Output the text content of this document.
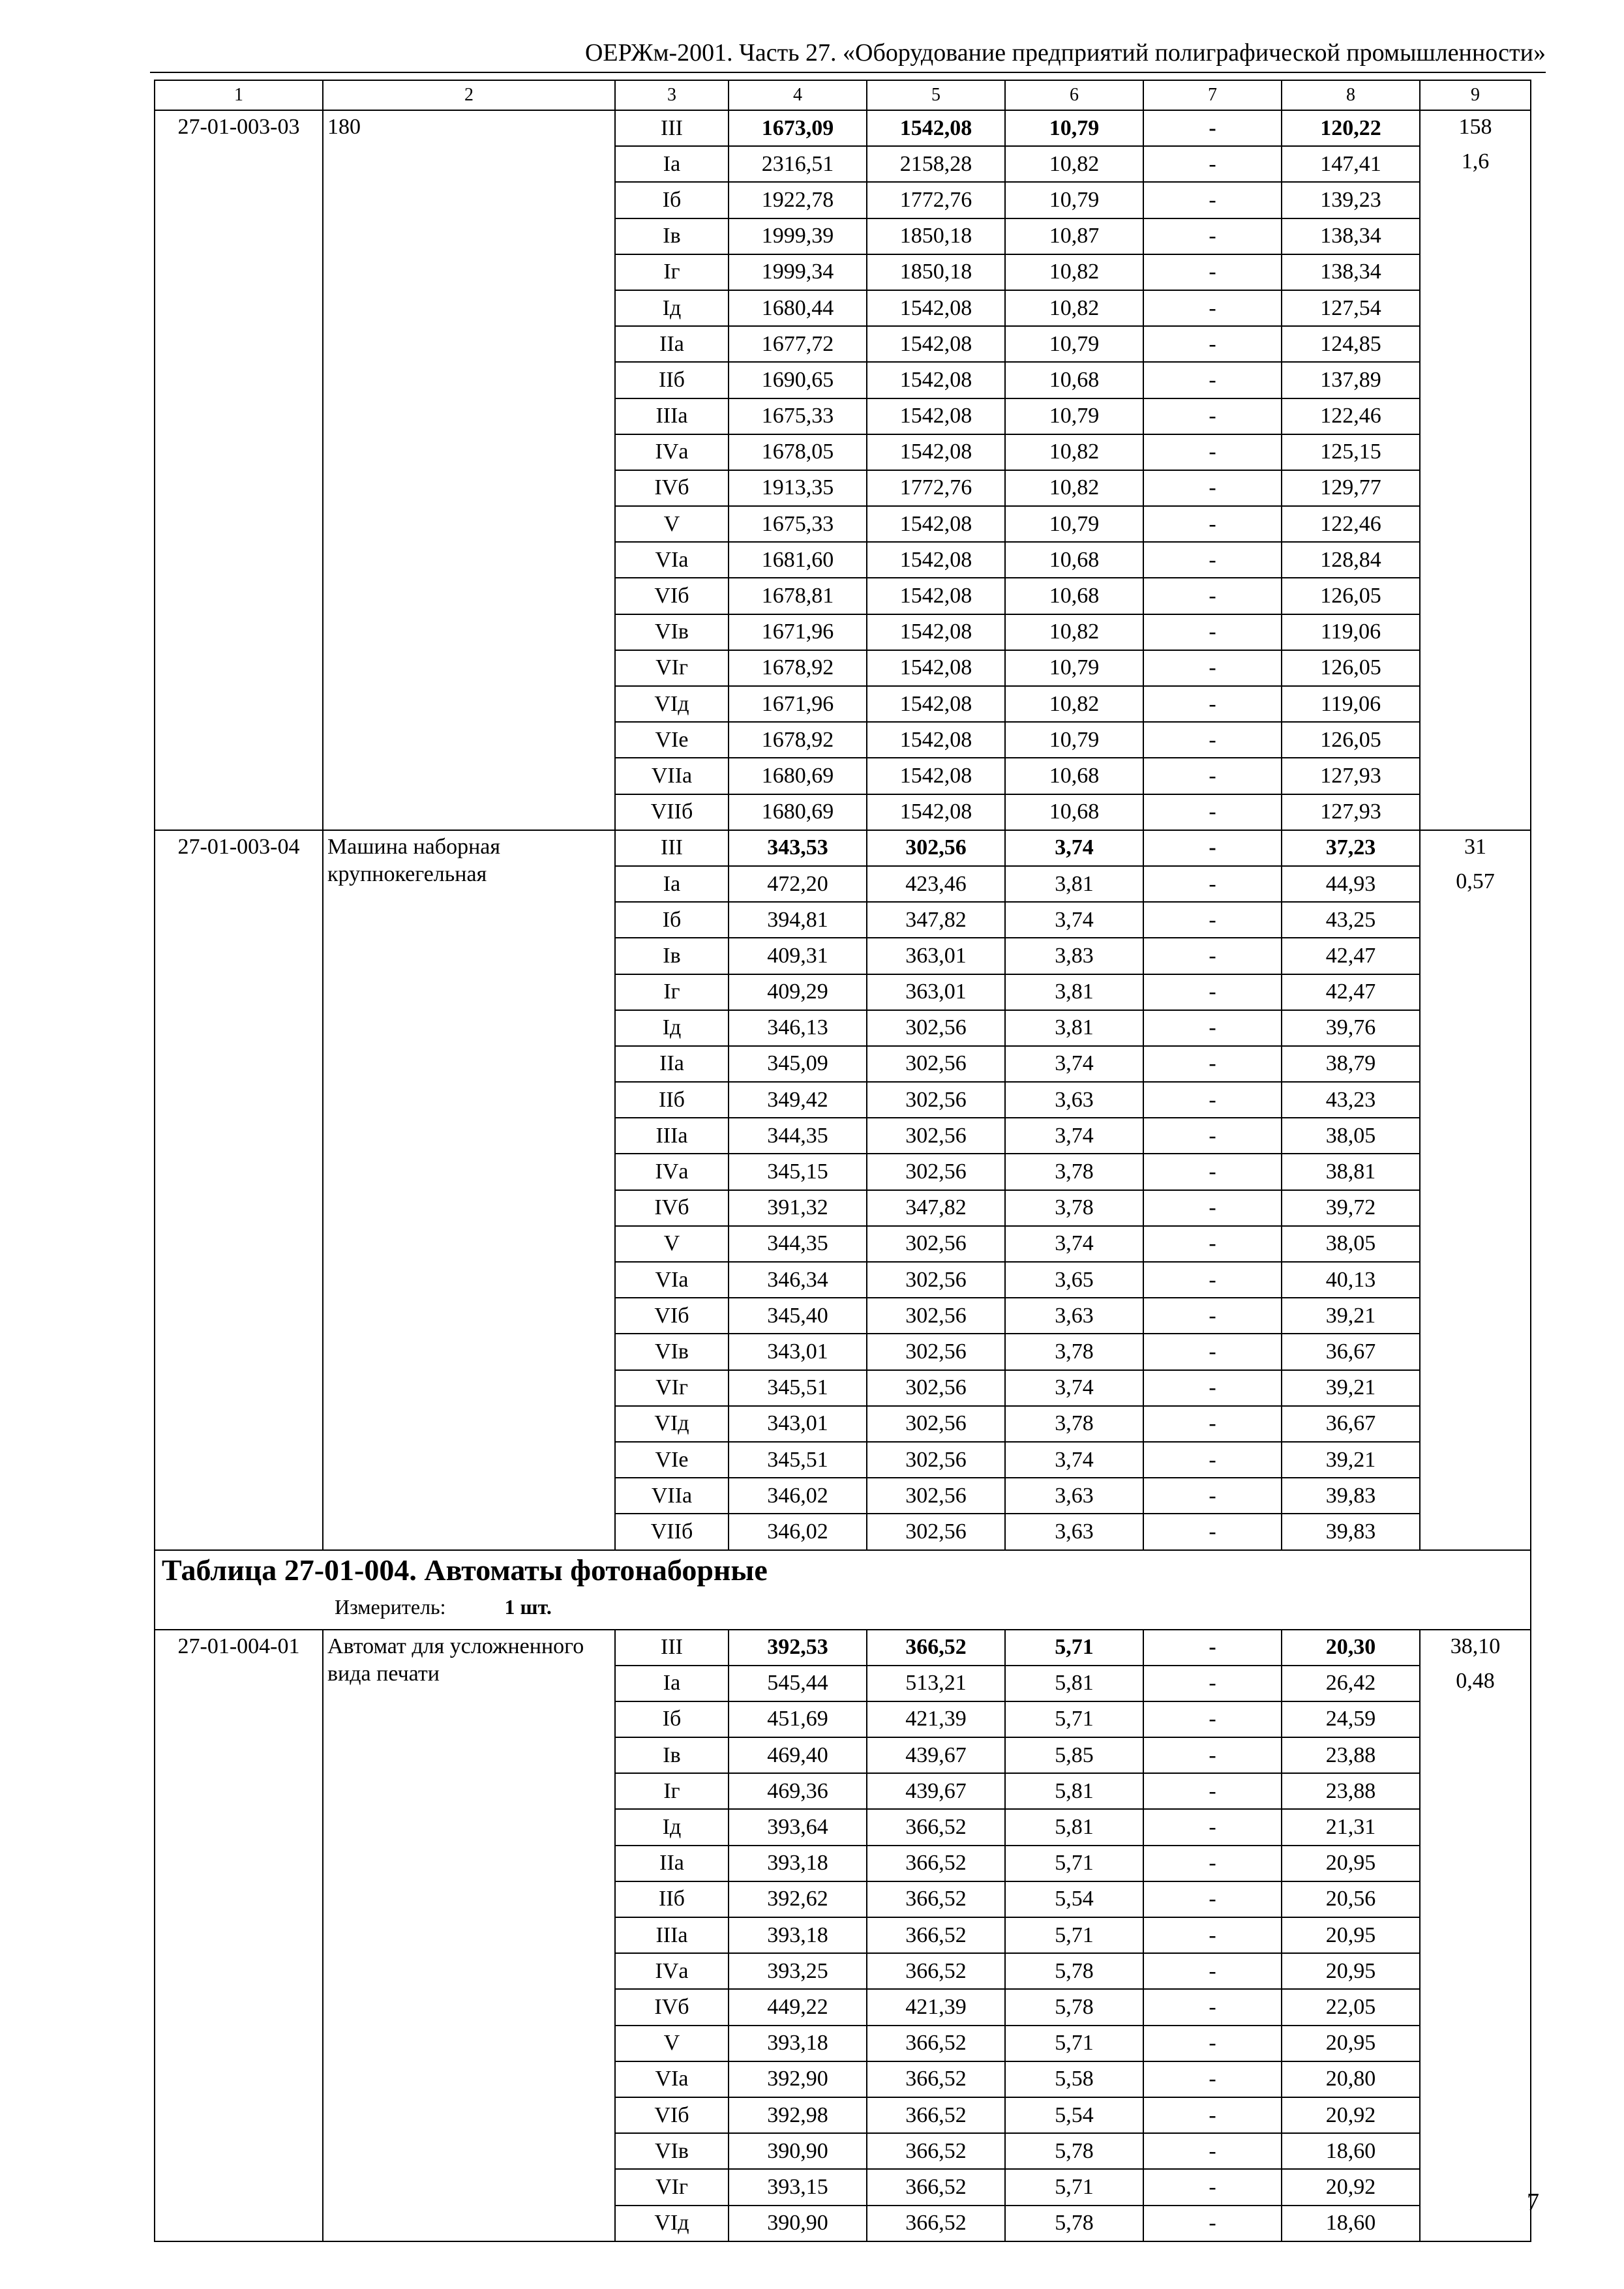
ОЕРЖм-2001. Часть 27. «Оборудование предприятий полиграфической промышленности»
1	2	3	4	5	6	7	8	9
27-01-003-03	180	III	1673,09	1542,08	10,79	-	120,22	158
1,6

		Iа	2316,51	2158,28	10,82	-	147,41	
		Iб	1922,78	1772,76	10,79	-	139,23	
		Iв	1999,39	1850,18	10,87	-	138,34	
		Iг	1999,34	1850,18	10,82	-	138,34	
		Iд	1680,44	1542,08	10,82	-	127,54	
		IIа	1677,72	1542,08	10,79	-	124,85	
		IIб	1690,65	1542,08	10,68	-	137,89	
		IIIа	1675,33	1542,08	10,79	-	122,46	
		IVа	1678,05	1542,08	10,82	-	125,15	
		IVб	1913,35	1772,76	10,82	-	129,77	
		V	1675,33	1542,08	10,79	-	122,46	
		VIа	1681,60	1542,08	10,68	-	128,84	
		VIб	1678,81	1542,08	10,68	-	126,05	
		VIв	1671,96	1542,08	10,82	-	119,06	
		VIг	1678,92	1542,08	10,79	-	126,05	
		VIд	1671,96	1542,08	10,82	-	119,06	
		VIе	1678,92	1542,08	10,79	-	126,05	
		VIIа	1680,69	1542,08	10,68	-	127,93	
		VIIб	1680,69	1542,08	10,68	-	127,93	
27-01-003-04	Машина наборная крупнокегельная	III	343,53	302,56	3,74	-	37,23	31
0,57

		Iа	472,20	423,46	3,81	-	44,93	
		Iб	394,81	347,82	3,74	-	43,25	
		Iв	409,31	363,01	3,83	-	42,47	
		Iг	409,29	363,01	3,81	-	42,47	
		Iд	346,13	302,56	3,81	-	39,76	
		IIа	345,09	302,56	3,74	-	38,79	
		IIб	349,42	302,56	3,63	-	43,23	
		IIIа	344,35	302,56	3,74	-	38,05	
		IVа	345,15	302,56	3,78	-	38,81	
		IVб	391,32	347,82	3,78	-	39,72	
		V	344,35	302,56	3,74	-	38,05	
		VIа	346,34	302,56	3,65	-	40,13	
		VIб	345,40	302,56	3,63	-	39,21	
		VIв	343,01	302,56	3,78	-	36,67	
		VIг	345,51	302,56	3,74	-	39,21	
		VIд	343,01	302,56	3,78	-	36,67	
		VIе	345,51	302,56	3,74	-	39,21	
		VIIа	346,02	302,56	3,63	-	39,83	
		VIIб	346,02	302,56	3,63	-	39,83	

Таблица 27-01-004. Автоматы фотонаборные
Измеритель: 1 шт.								

27-01-004-01	Автомат для усложненного вида печати	III	392,53	366,52	5,71	-	20,30	38,10
0,48

		Iа	545,44	513,21	5,81	-	26,42	
		Iб	451,69	421,39	5,71	-	24,59	
		Iв	469,40	439,67	5,85	-	23,88	
		Iг	469,36	439,67	5,81	-	23,88	
		Iд	393,64	366,52	5,81	-	21,31	
		IIа	393,18	366,52	5,71	-	20,95	
		IIб	392,62	366,52	5,54	-	20,56	
		IIIа	393,18	366,52	5,71	-	20,95	
		IVа	393,25	366,52	5,78	-	20,95	
		IVб	449,22	421,39	5,78	-	22,05	
		V	393,18	366,52	5,71	-	20,95	
		VIа	392,90	366,52	5,58	-	20,80	
		VIб	392,98	366,52	5,54	-	20,92	
		VIв	390,90	366,52	5,78	-	18,60	
		VIг	393,15	366,52	5,71	-	20,92	
		VIд	390,90	366,52	5,78	-	18,60	
7
